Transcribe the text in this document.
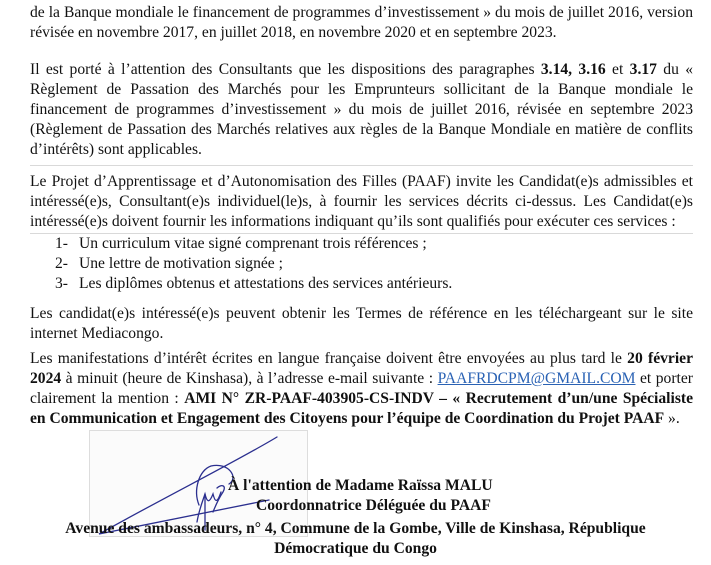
de la Banque mondiale le financement de programmes d’investissement » du mois de juillet 2016, version révisée en novembre 2017, en juillet 2018, en novembre 2020 et en septembre 2023.

Il est porté à l’attention des Consultants que les dispositions des paragraphes 3.14, 3.16 et 3.17 du « Règlement de Passation des Marchés pour les Emprunteurs sollicitant de la Banque mondiale le financement de programmes d’investissement » du mois de juillet 2016, révisée en septembre 2023 (Règlement de Passation des Marchés relatives aux règles de la Banque Mondiale en matière de conflits d’intérêts) sont applicables.

Le Projet d’Apprentissage et d’Autonomisation des Filles (PAAF) invite les Candidat(e)s admissibles et intéressé(e)s, Consultant(e)s individuel(le)s, à fournir les services décrits ci-dessus. Les Candidat(e)s intéressé(e)s doivent fournir les informations indiquant qu’ils sont qualifiés pour exécuter ces services :

1- Un curriculum vitae signé comprenant trois références ;
2- Une lettre de motivation signée ;
3- Les diplômes obtenus et attestations des services antérieurs.

Les candidat(e)s intéressé(e)s peuvent obtenir les Termes de référence en les téléchargeant sur le site internet Mediacongo.

Les manifestations d’intérêt écrites en langue française doivent être envoyées au plus tard le 20 février 2024 à minuit (heure de Kinshasa), à l’adresse e-mail suivante : PAAFRDCPM@GMAIL.COM et porter clairement la mention : AMI N° ZR-PAAF-403905-CS-INDV – « Recrutement d’un/une Spécialiste en Communication et Engagement des Citoyens pour l’équipe de Coordination du Projet PAAF ».

À l'attention de Madame Raïssa MALU
Coordonnatrice Déléguée du PAAF
Avenue des ambassadeurs, n° 4, Commune de la Gombe, Ville de Kinshasa, République
Démocratique du Congo
